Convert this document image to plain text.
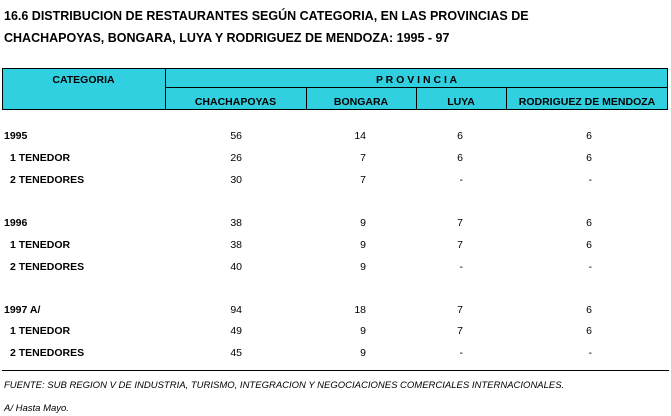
16.6 DISTRIBUCION DE RESTAURANTES SEGÚN CATEGORIA, EN LAS PROVINCIAS DE
CHACHAPOYAS, BONGARA, LUYA Y RODRIGUEZ DE MENDOZA: 1995 - 97
CATEGORIA	P R O V I N C I A
CHACHAPOYAS	BONGARA	LUYA	RODRIGUEZ DE MENDOZA
1995	56	14	6	6
1 TENEDOR	26	7	6	6
2 TENEDORES	30	7	-	-
1996	38	9	7	6
1 TENEDOR	38	9	7	6
2 TENEDORES	40	9	-	-
1997 A/	94	18	7	6
1 TENEDOR	49	9	7	6
2 TENEDORES	45	9	-	-
FUENTE: SUB REGION V DE INDUSTRIA, TURISMO, INTEGRACION Y NEGOCIACIONES COMERCIALES INTERNACIONALES.
A/ Hasta Mayo.
